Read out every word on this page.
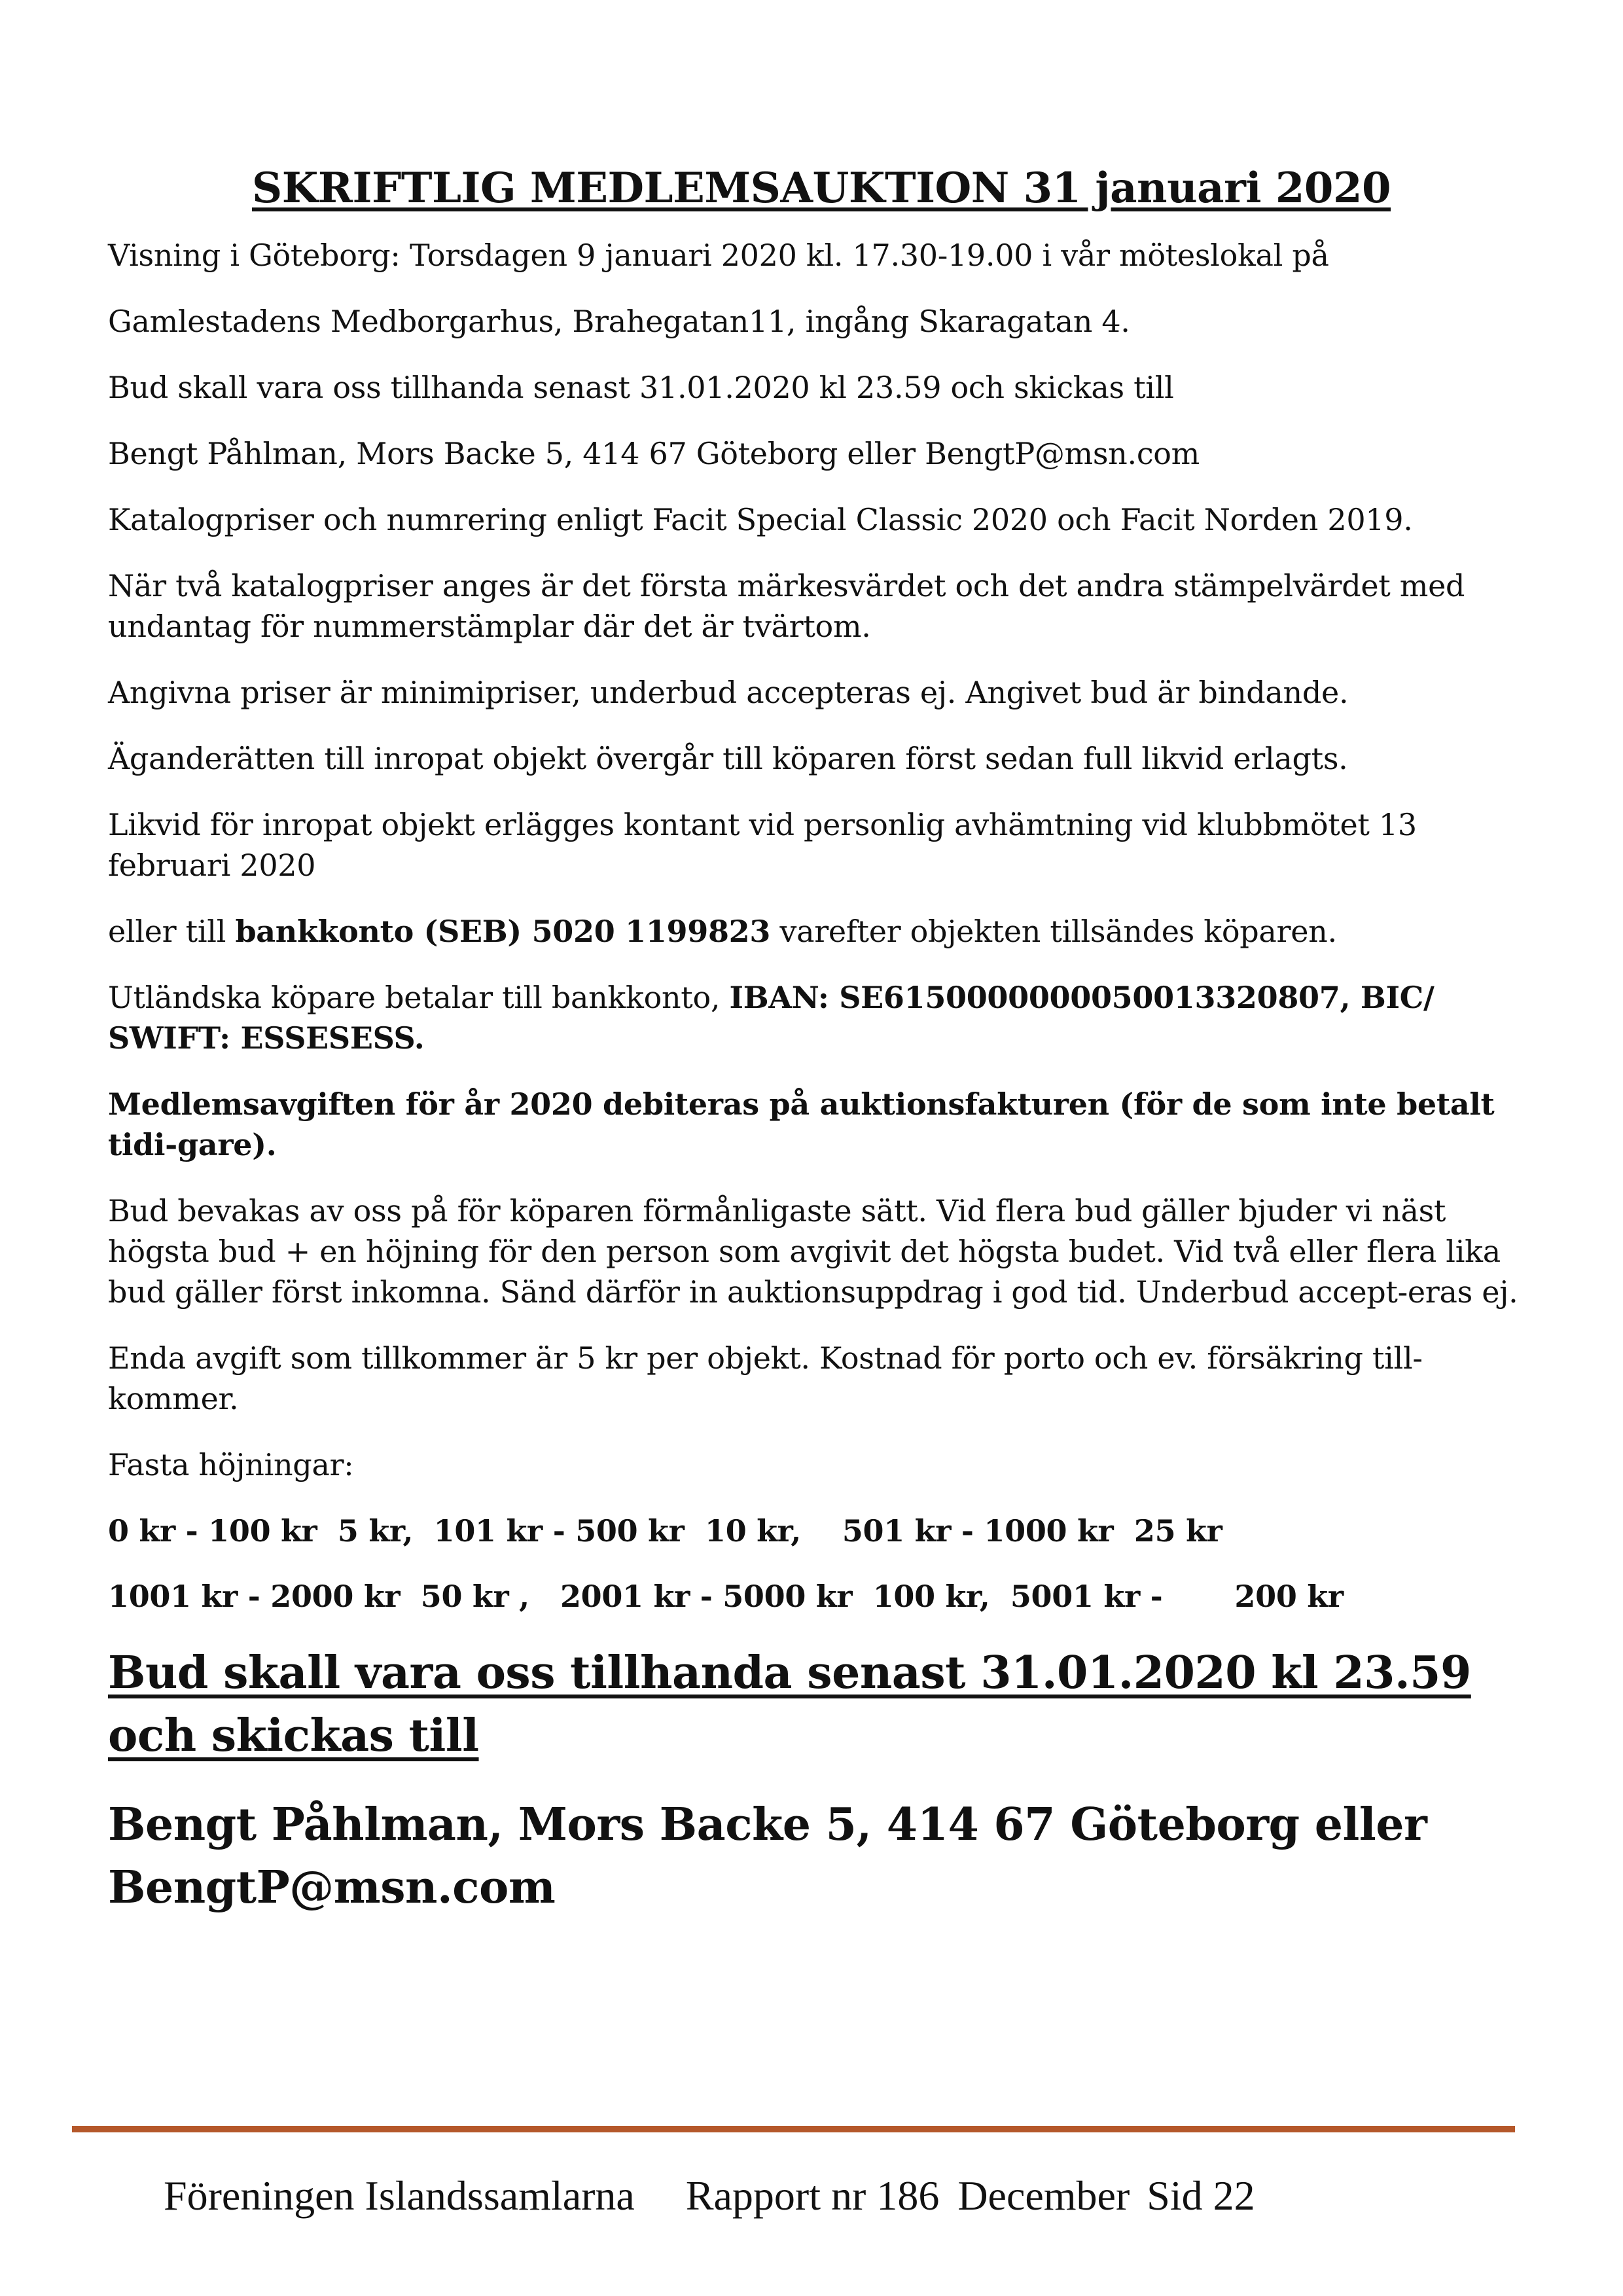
SKRIFTLIG MEDLEMSAUKTION 31 januari 2020
Visning i Göteborg: Torsdagen 9 januari 2020 kl. 17.30-19.00 i vår möteslokal på
Gamlestadens Medborgarhus, Brahegatan11, ingång Skaragatan 4.
Bud skall vara oss tillhanda senast 31.01.2020 kl 23.59 och skickas till
Bengt Påhlman, Mors Backe 5, 414 67 Göteborg eller BengtP@msn.com
Katalogpriser och numrering enligt Facit Special Classic 2020 och Facit Norden 2019.
När två katalogpriser anges är det första märkesvärdet och det andra stämpelvärdet med undantag för nummerstämplar där det är tvärtom.
Angivna priser är minimipriser, underbud accepteras ej. Angivet bud är bindande.
Äganderätten till inropat objekt övergår till köparen först sedan full likvid erlagts.
Likvid för inropat objekt erlägges kontant vid personlig avhämtning vid klubbmötet 13 februari 2020
eller till bankkonto (SEB) 5020 1199823 varefter objekten tillsändes köparen.
Utländska köpare betalar till bankkonto, IBAN: SE6150000000050013320807, BIC/ SWIFT: ESSESESS.
Medlemsavgiften för år 2020 debiteras på auktionsfakturen (för de som inte betalt tidi-gare).
Bud bevakas av oss på för köparen förmånligaste sätt. Vid flera bud gäller bjuder vi näst högsta bud + en höjning för den person som avgivit det högsta budet. Vid två eller flera lika bud gäller först inkomna. Sänd därför in auktionsuppdrag i god tid. Underbud accept-eras ej.
Enda avgift som tillkommer är 5 kr per objekt. Kostnad för porto och ev. försäkring till-kommer.
Fasta höjningar:
0 kr - 100 kr  5 kr,  101 kr - 500 kr  10 kr,    501 kr - 1000 kr  25 kr
1001 kr - 2000 kr  50 kr ,   2001 kr - 5000 kr  100 kr,  5001 kr -       200 kr
Bud skall vara oss tillhanda senast 31.01.2020 kl 23.59 och skickas till
Bengt Påhlman, Mors Backe 5, 414 67 Göteborg eller BengtP@msn.com
Föreningen Islandssamlarna Rapport nr 186 December Sid 22
